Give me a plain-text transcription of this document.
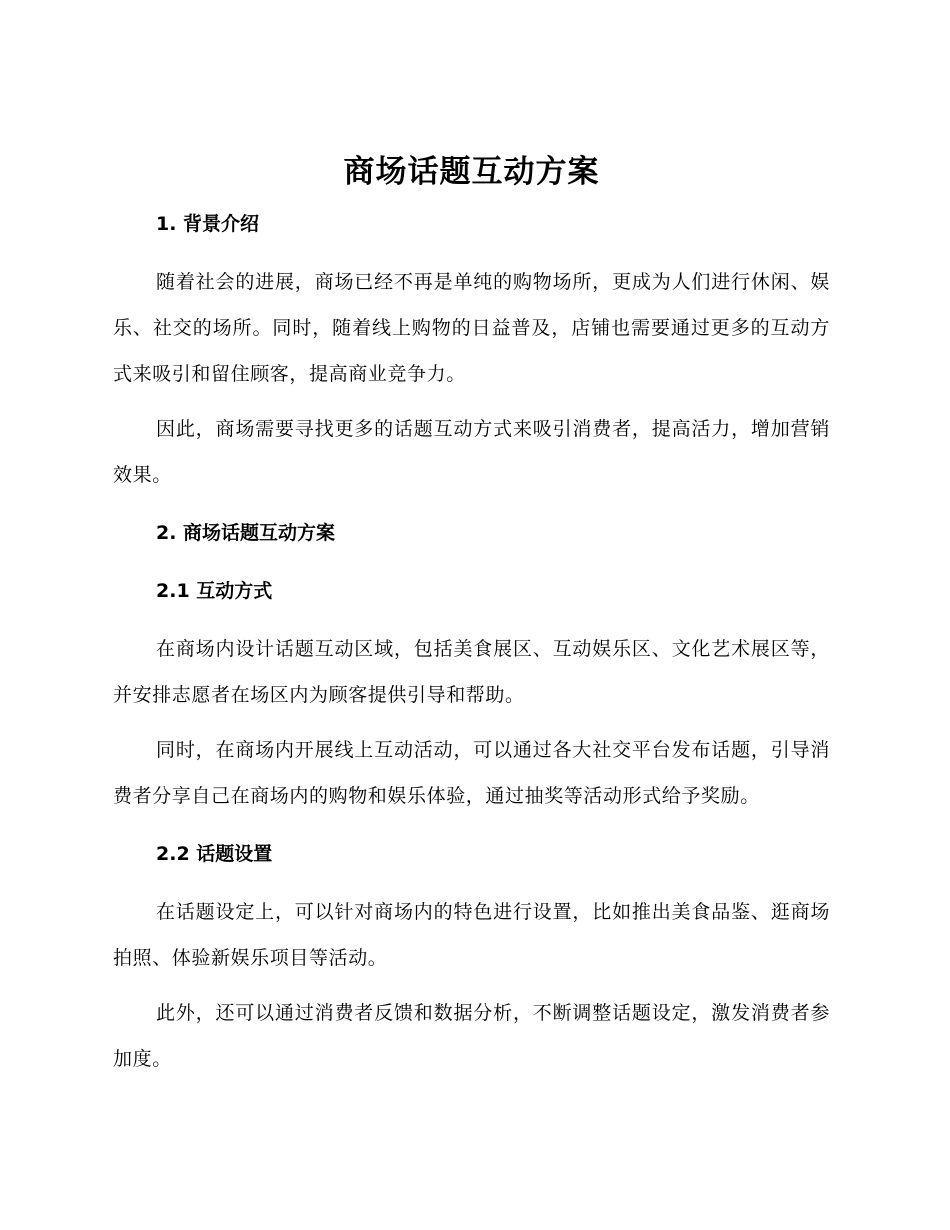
商场话题互动方案
1. 背景介绍

随着社会的进展，商场已经不再是单纯的购物场所，更成为人们进行休闲、娱乐、社交的场所。同时，随着线上购物的日益普及，店铺也需要通过更多的互动方式来吸引和留住顾客，提高商业竞争力。

因此，商场需要寻找更多的话题互动方式来吸引消费者，提高活力，增加营销效果。

2. 商场话题互动方案
2.1 互动方式

在商场内设计话题互动区域，包括美食展区、互动娱乐区、文化艺术展区等，并安排志愿者在场区内为顾客提供引导和帮助。

同时，在商场内开展线上互动活动，可以通过各大社交平台发布话题，引导消费者分享自己在商场内的购物和娱乐体验，通过抽奖等活动形式给予奖励。

2.2 话题设置

在话题设定上，可以针对商场内的特色进行设置，比如推出美食品鉴、逛商场拍照、体验新娱乐项目等活动。

此外，还可以通过消费者反馈和数据分析，不断调整话题设定，激发消费者参加度。
